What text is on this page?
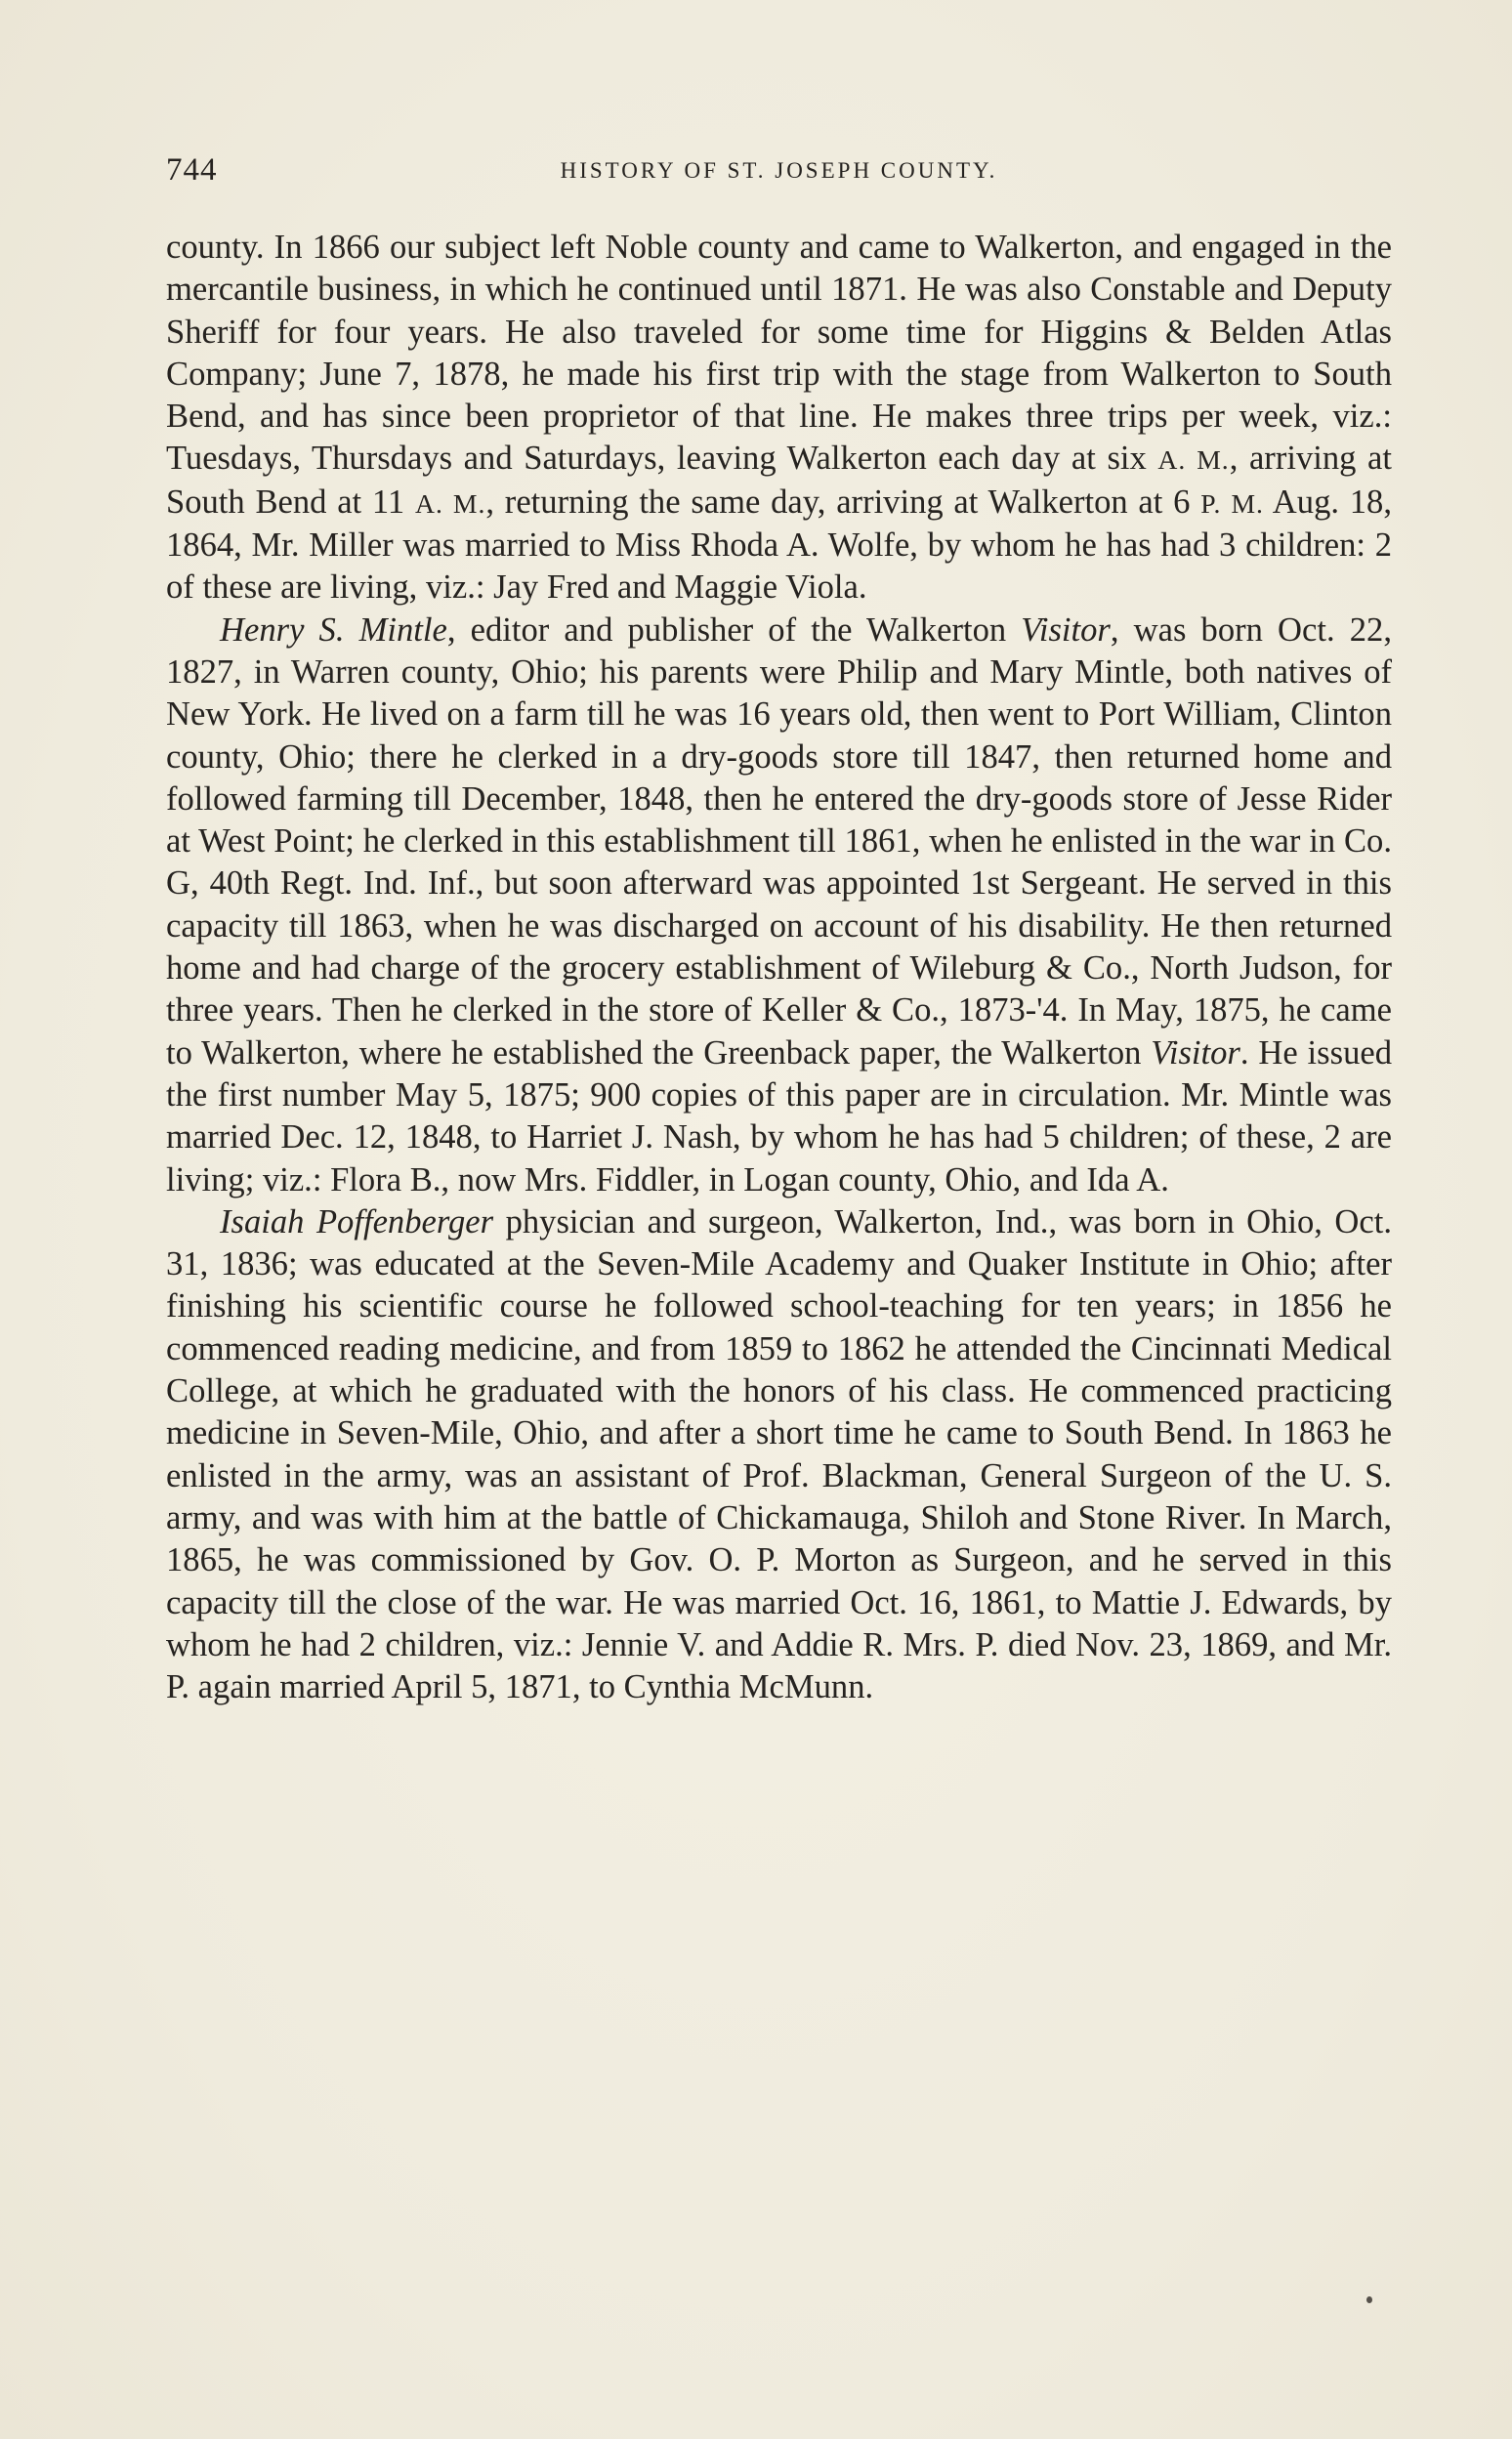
744	HISTORY OF ST. JOSEPH COUNTY.

county. In 1866 our subject left Noble county and came to Walkerton, and engaged in the mercantile business, in which he continued until 1871. He was also Constable and Deputy Sheriff for four years. He also traveled for some time for Higgins & Belden Atlas Company; June 7, 1878, he made his first trip with the stage from Walkerton to South Bend, and has since been proprietor of that line. He makes three trips per week, viz.: Tuesdays, Thursdays and Saturdays, leaving Walkerton each day at six A. M., arriving at South Bend at 11 A. M., returning the same day, arriving at Walkerton at 6 P. M. Aug. 18, 1864, Mr. Miller was married to Miss Rhoda A. Wolfe, by whom he has had 3 children: 2 of these are living, viz.: Jay Fred and Maggie Viola.

Henry S. Mintle, editor and publisher of the Walkerton Visitor, was born Oct. 22, 1827, in Warren county, Ohio; his parents were Philip and Mary Mintle, both natives of New York. He lived on a farm till he was 16 years old, then went to Port William, Clinton county, Ohio; there he clerked in a dry-goods store till 1847, then returned home and followed farming till December, 1848, then he entered the dry-goods store of Jesse Rider at West Point; he clerked in this establishment till 1861, when he enlisted in the war in Co. G, 40th Regt. Ind. Inf., but soon afterward was appointed 1st Sergeant. He served in this capacity till 1863, when he was discharged on account of his disability. He then returned home and had charge of the grocery establishment of Wileburg & Co., North Judson, for three years. Then he clerked in the store of Keller & Co., 1873-'4. In May, 1875, he came to Walkerton, where he established the Greenback paper, the Walkerton Visitor. He issued the first number May 5, 1875; 900 copies of this paper are in circulation. Mr. Mintle was married Dec. 12, 1848, to Harriet J. Nash, by whom he has had 5 children; of these, 2 are living; viz.: Flora B., now Mrs. Fiddler, in Logan county, Ohio, and Ida A.

Isaiah Poffenberger physician and surgeon, Walkerton, Ind., was born in Ohio, Oct. 31, 1836; was educated at the Seven-Mile Academy and Quaker Institute in Ohio; after finishing his scientific course he followed school-teaching for ten years; in 1856 he commenced reading medicine, and from 1859 to 1862 he attended the Cincinnati Medical College, at which he graduated with the honors of his class. He commenced practicing medicine in Seven-Mile, Ohio, and after a short time he came to South Bend. In 1863 he enlisted in the army, was an assistant of Prof. Blackman, General Surgeon of the U. S. army, and was with him at the battle of Chickamauga, Shiloh and Stone River. In March, 1865, he was commissioned by Gov. O. P. Morton as Surgeon, and he served in this capacity till the close of the war. He was married Oct. 16, 1861, to Mattie J. Edwards, by whom he had 2 children, viz.: Jennie V. and Addie R. Mrs. P. died Nov. 23, 1869, and Mr. P. again married April 5, 1871, to Cynthia McMunn.
